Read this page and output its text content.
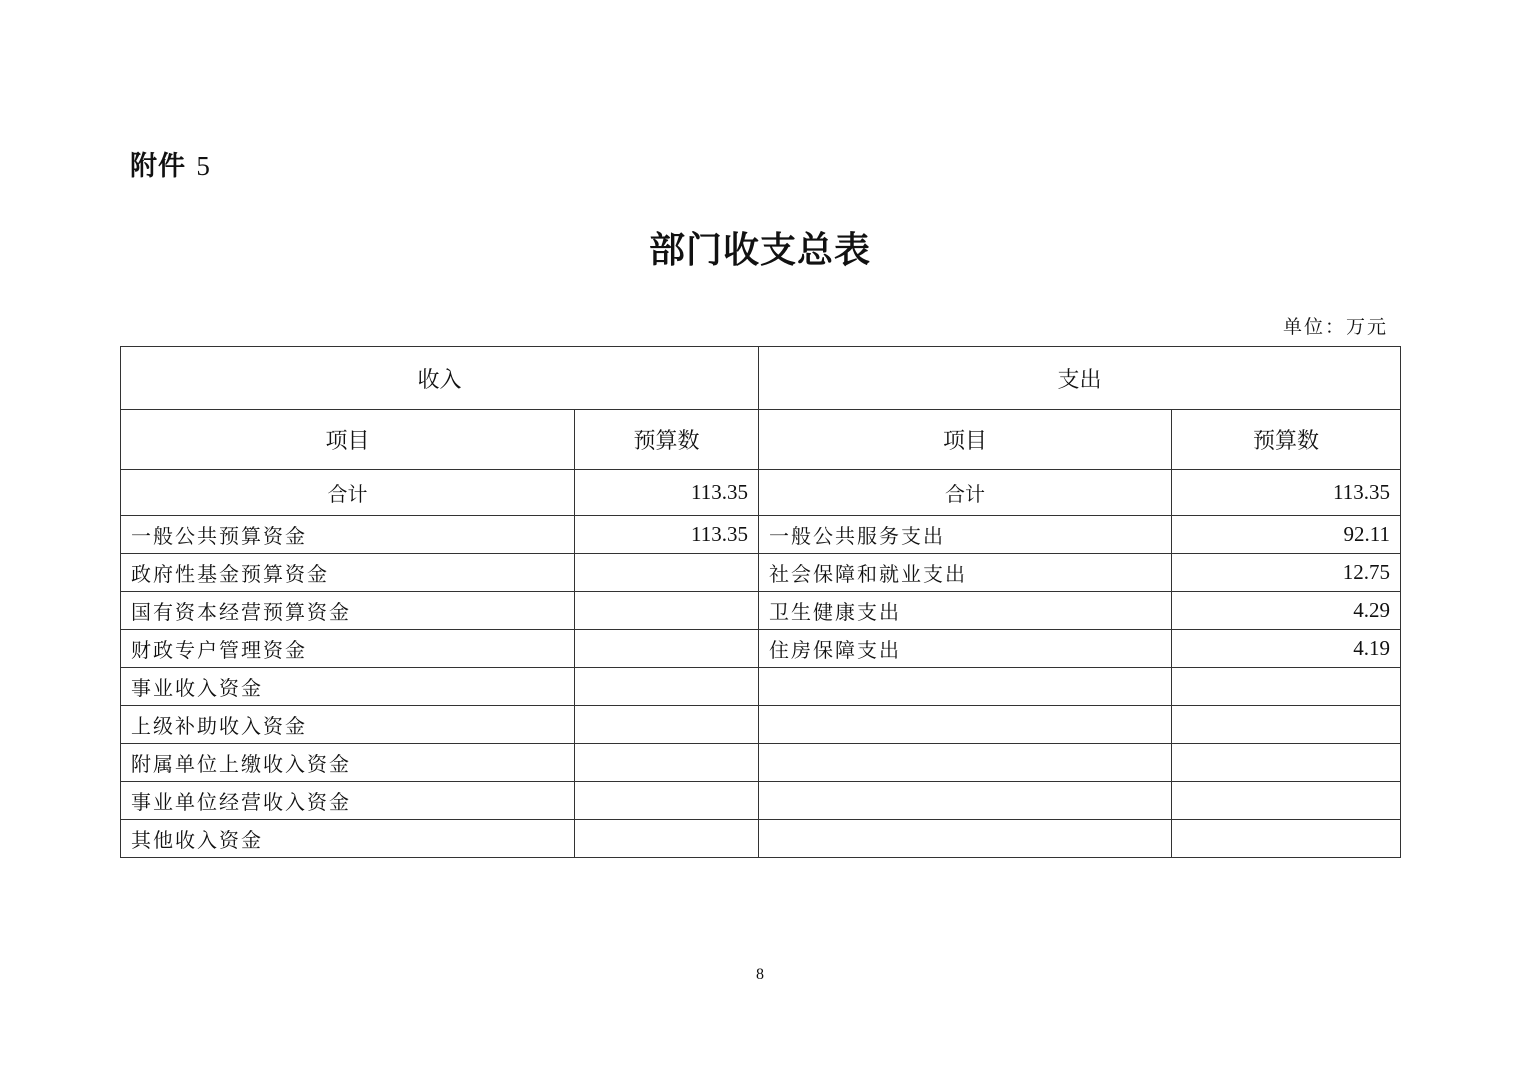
附件 5
部门收支总表
单位：万元
收入		支出	
项目	预算数	项目	预算数
合计	113.35	合计	113.35
一般公共预算资金	113.35	一般公共服务支出	92.11
政府性基金预算资金		社会保障和就业支出	12.75
国有资本经营预算资金		卫生健康支出	4.29
财政专户管理资金		住房保障支出	4.19
事业收入资金			
上级补助收入资金			
附属单位上缴收入资金			
事业单位经营收入资金			
其他收入资金			
8
